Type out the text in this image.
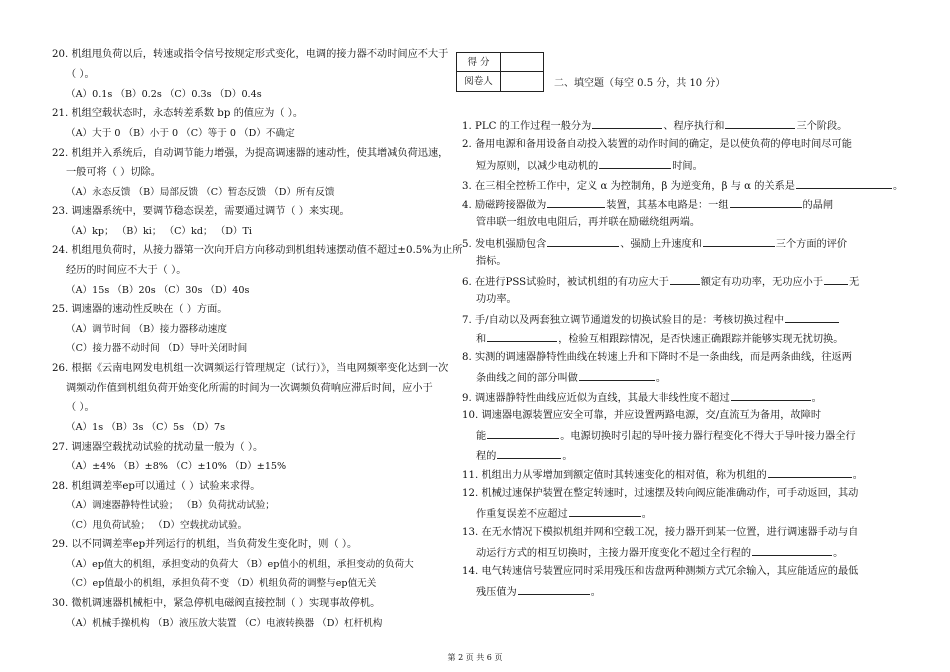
20. 机组甩负荷以后，转速或指令信号按规定形式变化，电调的接力器不动时间应不大于
（ ）。
（A）0.1s （B）0.2s （C）0.3s （D）0.4s
21. 机组空载状态时，永态转差系数 bp 的值应为（ ）。
（A）大于 0 （B）小于 0 （C）等于 0 （D）不确定
22. 机组并入系统后，自动调节能力增强，为提高调速器的速动性，使其增减负荷迅速，
一般可将（ ）切除。
（A）永态反馈 （B）局部反馈 （C）暂态反馈 （D）所有反馈
23. 调速器系统中，要调节稳态误差，需要通过调节（ ）来实现。
（A）kp； （B）ki； （C）kd； （D）Ti
24. 机组甩负荷时，从接力器第一次向开启方向移动到机组转速摆动值不超过±0.5%为止所
经历的时间应不大于（ ）。
（A）15s （B）20s （C）30s （D）40s
25. 调速器的速动性反映在（ ）方面。
（A）调节时间 （B）接力器移动速度
（C）接力器不动时间 （D）导叶关闭时间
26. 根据《云南电网发电机组一次调频运行管理规定（试行）》，当电网频率变化达到一次
调频动作值到机组负荷开始变化所需的时间为一次调频负荷响应滞后时间，应小于
（ ）。
（A）1s （B）3s （C）5s （D）7s
27. 调速器空载扰动试验的扰动量一般为（ ）。
（A）±4% （B）±8% （C）±10% （D）±15%
28. 机组调差率ep可以通过（ ）试验来求得。
（A）调速器静特性试验； （B）负荷扰动试验；
（C）甩负荷试验； （D）空载扰动试验。
29. 以不同调差率ep并列运行的机组，当负荷发生变化时，则（ ）。
（A）ep值大的机组，承担变动的负荷大 （B）ep值小的机组，承担变动的负荷大
（C）ep值最小的机组，承担负荷不变 （D）机组负荷的调整与ep值无关
30. 微机调速器机械柜中，紧急停机电磁阀直接控制（ ）实现事故停机。
（A）机械手操机构 （B）液压放大装置 （C）电液转换器 （D）杠杆机构
得 分
阅卷人	二、填空题（每空 0.5 分，共 10 分）
1. PLC 的工作过程一般分为	、程序执行和	三个阶段。
2. 备用电源和备用设备自动投入装置的动作时间的确定，是以使负荷的停电时间尽可能
短为原则，以减少电动机的	时间。
3. 在三相全控桥工作中，定义 α 为控制角，β 为逆变角，β 与 α 的关系是	。
4. 励磁跨接器做为	装置，其基本电路是：一组	的晶闸
管串联一组放电电阻后，再并联在励磁绕组两端。
5. 发电机强励包含	、强励上升速度和	三个方面的评价
指标。
6. 在进行PSS试验时，被试机组的有功应大于	额定有功功率，无功应小于	无
功功率。
7. 手/自动以及两套独立调节通道发的切换试验目的是：考核切换过程中
和	，检验互相跟踪情况，是否快速正确跟踪并能够实现无扰切换。
8. 实测的调速器静特性曲线在转速上升和下降时不是一条曲线，而是两条曲线，往返两
条曲线之间的部分叫做	。
9. 调速器静特性曲线应近似为直线，其最大非线性度不超过	。
10. 调速器电源装置应安全可靠，并应设置两路电源，交/直流互为备用，故障时
能	。电源切换时引起的导叶接力器行程变化不得大于导叶接力器全行
程的	。
11. 机组出力从零增加到额定值时其转速变化的相对值，称为机组的	。
12. 机械过速保护装置在整定转速时，过速摆及转向阀应能准确动作，可手动返回，其动
作重复误差不应超过	。
13. 在无水情况下模拟机组并网和空载工况，接力器开到某一位置，进行调速器手动与自
动运行方式的相互切换时，主接力器开度变化不超过全行程的	。
14. 电气转速信号装置应同时采用残压和齿盘两种测频方式冗余输入，其应能适应的最低
残压值为	。
第 2 页 共 6 页
